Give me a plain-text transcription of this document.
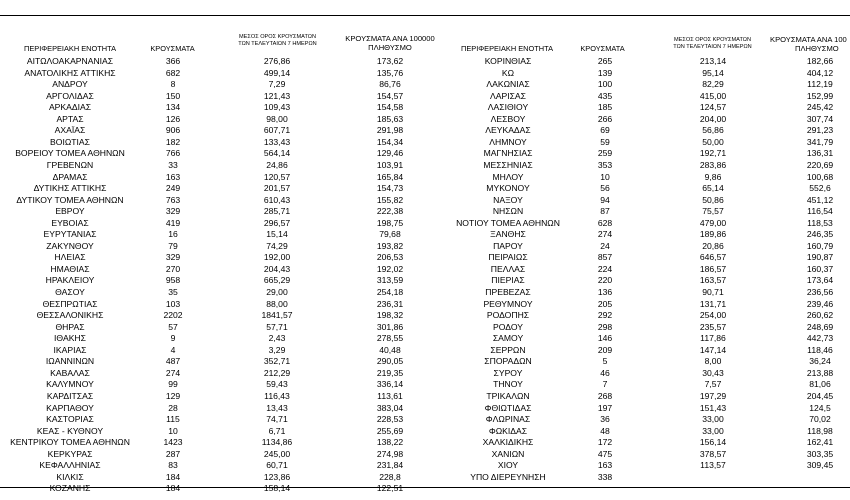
ΠΕΡΙΦΕΡΕΙΑΚΗ ΕΝΟΤΗΤΑ	ΚΡΟΥΣΜΑΤΑ
ΜΕΣΟΣ ΟΡΟΣ ΚΡΟΥΣΜΑΤΩΝ
ΤΩΝ ΤΕΛΕΥΤΑΙΩΝ 7 ΗΜΕΡΩΝ
ΚΡΟΥΣΜΑΤΑ ΑΝΑ 100000
ΠΛΗΘΥΣΜΟ	ΠΕΡΙΦΕΡΕΙΑΚΗ ΕΝΟΤΗΤΑ	ΚΡΟΥΣΜΑΤΑ
ΜΕΣΟΣ ΟΡΟΣ ΚΡΟΥΣΜΑΤΩΝ
ΤΩΝ ΤΕΛΕΥΤΑΙΩΝ 7 ΗΜΕΡΩΝ
ΚΡΟΥΣΜΑΤΑ ΑΝΑ 100
ΠΛΗΘΥΣΜΟ
ΑΙΤΩΛΟΑΚΑΡΝΑΝΙΑΣ	366	276,86	173,62
ΑΝΑΤΟΛΙΚΗΣ ΑΤΤΙΚΗΣ	682	499,14	135,76
ΑΝΔΡΟΥ	8	7,29	86,76
ΑΡΓΟΛΙΔΑΣ	150	121,43	154,57
ΑΡΚΑΔΙΑΣ	134	109,43	154,58
ΑΡΤΑΣ	126	98,00	185,63
ΑΧΑΪΑΣ	906	607,71	291,98
ΒΟΙΩΤΙΑΣ	182	133,43	154,34
ΒΟΡΕΙΟΥ ΤΟΜΕΑ ΑΘΗΝΩΝ	766	564,14	129,46
ΓΡΕΒΕΝΩΝ	33	24,86	103,91
ΔΡΑΜΑΣ	163	120,57	165,84
ΔΥΤΙΚΗΣ ΑΤΤΙΚΗΣ	249	201,57	154,73
ΔΥΤΙΚΟΥ ΤΟΜΕΑ ΑΘΗΝΩΝ	763	610,43	155,82
ΕΒΡΟΥ	329	285,71	222,38
ΕΥΒΟΙΑΣ	419	296,57	198,75
ΕΥΡΥΤΑΝΙΑΣ	16	15,14	79,68
ΖΑΚΥΝΘΟΥ	79	74,29	193,82
ΗΛΕΙΑΣ	329	192,00	206,53
ΗΜΑΘΙΑΣ	270	204,43	192,02
ΗΡΑΚΛΕΙΟΥ	958	665,29	313,59
ΘΑΣΟΥ	35	29,00	254,18
ΘΕΣΠΡΩΤΙΑΣ	103	88,00	236,31
ΘΕΣΣΑΛΟΝΙΚΗΣ	2202	1841,57	198,32
ΘΗΡΑΣ	57	57,71	301,86
ΙΘΑΚΗΣ	9	2,43	278,55
ΙΚΑΡΙΑΣ	4	3,29	40,48
ΙΩΑΝΝΙΝΩΝ	487	352,71	290,05
ΚΑΒΑΛΑΣ	274	212,29	219,35
ΚΑΛΥΜΝΟΥ	99	59,43	336,14
ΚΑΡΔΙΤΣΑΣ	129	116,43	113,61
ΚΑΡΠΑΘΟΥ	28	13,43	383,04
ΚΑΣΤΟΡΙΑΣ	115	74,71	228,53
ΚΕΑΣ - ΚΥΘΝΟΥ	10	6,71	255,69
ΚΕΝΤΡΙΚΟΥ ΤΟΜΕΑ ΑΘΗΝΩΝ	1423	1134,86	138,22
ΚΕΡΚΥΡΑΣ	287	245,00	274,98
ΚΕΦΑΛΛΗΝΙΑΣ	83	60,71	231,84
ΚΙΛΚΙΣ	184	123,86	228,8
ΚΟΖΑΝΗΣ	184	158,14	122,51
ΚΟΡΙΝΘΙΑΣ	265	213,14	182,66
ΚΩ	139	95,14	404,12
ΛΑΚΩΝΙΑΣ	100	82,29	112,19
ΛΑΡΙΣΑΣ	435	415,00	152,99
ΛΑΣΙΘΙΟΥ	185	124,57	245,42
ΛΕΣΒΟΥ	266	204,00	307,74
ΛΕΥΚΑΔΑΣ	69	56,86	291,23
ΛΗΜΝΟΥ	59	50,00	341,79
ΜΑΓΝΗΣΙΑΣ	259	192,71	136,31
ΜΕΣΣΗΝΙΑΣ	353	283,86	220,69
ΜΗΛΟΥ	10	9,86	100,68
ΜΥΚΟΝΟΥ	56	65,14	552,6
ΝΑΞΟΥ	94	50,86	451,12
ΝΗΣΩΝ	87	75,57	116,54
ΝΟΤΙΟΥ ΤΟΜΕΑ ΑΘΗΝΩΝ	628	479,00	118,53
ΞΑΝΘΗΣ	274	189,86	246,35
ΠΑΡΟΥ	24	20,86	160,79
ΠΕΙΡΑΙΩΣ	857	646,57	190,87
ΠΕΛΛΑΣ	224	186,57	160,37
ΠΙΕΡΙΑΣ	220	163,57	173,64
ΠΡΕΒΕΖΑΣ	136	90,71	236,56
ΡΕΘΥΜΝΟΥ	205	131,71	239,46
ΡΟΔΟΠΗΣ	292	254,00	260,62
ΡΟΔΟΥ	298	235,57	248,69
ΣΑΜΟΥ	146	117,86	442,73
ΣΕΡΡΩΝ	209	147,14	118,46
ΣΠΟΡΑΔΩΝ	5	8,00	36,24
ΣΥΡΟΥ	46	30,43	213,88
ΤΗΝΟΥ	7	7,57	81,06
ΤΡΙΚΑΛΩΝ	268	197,29	204,45
ΦΘΙΩΤΙΔΑΣ	197	151,43	124,5
ΦΛΩΡΙΝΑΣ	36	33,00	70,02
ΦΩΚΙΔΑΣ	48	33,00	118,98
ΧΑΛΚΙΔΙΚΗΣ	172	156,14	162,41
ΧΑΝΙΩΝ	475	378,57	303,35
ΧΙΟΥ	163	113,57	309,45
ΥΠΟ ΔΙΕΡΕΥΝΗΣΗ	338
